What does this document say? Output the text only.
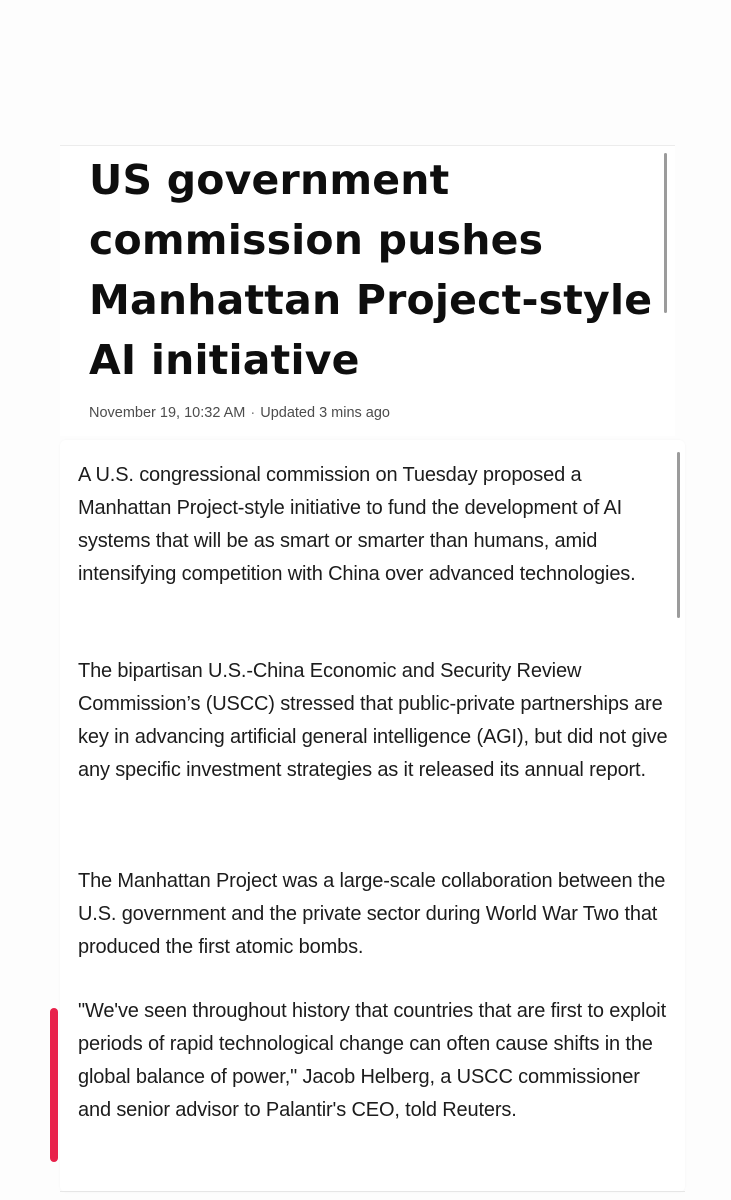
US government commission pushes Manhattan Project-style AI initiative
November 19, 10:32 AM · Updated 3 mins ago

A U.S. congressional commission on Tuesday proposed a Manhattan Project-style initiative to fund the development of AI systems that will be as smart or smarter than humans, amid intensifying competition with China over advanced technologies.

The bipartisan U.S.-China Economic and Security Review Commission’s (USCC) stressed that public-private partnerships are key in advancing artificial general intelligence (AGI), but did not give any specific investment strategies as it released its annual report.

The Manhattan Project was a large-scale collaboration between the U.S. government and the private sector during World War Two that produced the first atomic bombs.

"We've seen throughout history that countries that are first to exploit periods of rapid technological change can often cause shifts in the global balance of power," Jacob Helberg, a USCC commissioner and senior advisor to Palantir's CEO, told Reuters.
